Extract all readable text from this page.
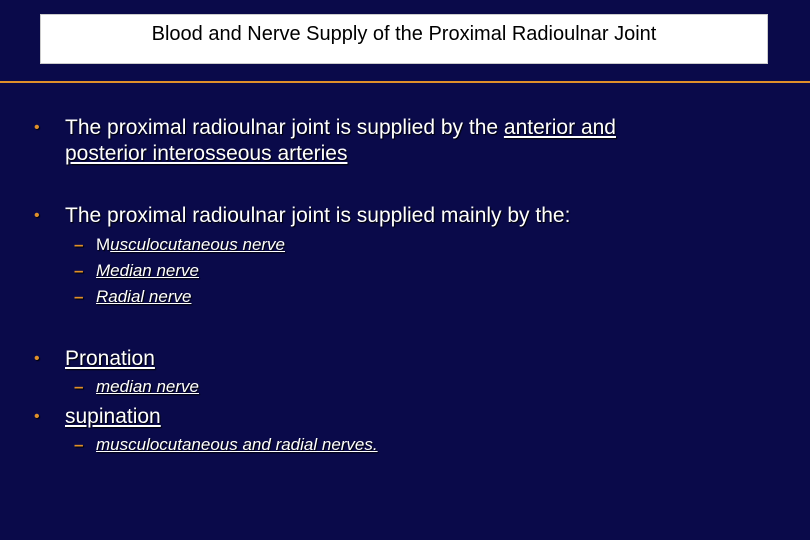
Blood and Nerve Supply of the Proximal Radioulnar Joint
• The proximal radioulnar joint is supplied by the anterior and
posterior interosseous arteries
• The proximal radioulnar joint is supplied mainly by the:
– Musculocutaneous nerve
– Median nerve
– Radial nerve
• Pronation
– median nerve
• supination
– musculocutaneous and radial nerves.
